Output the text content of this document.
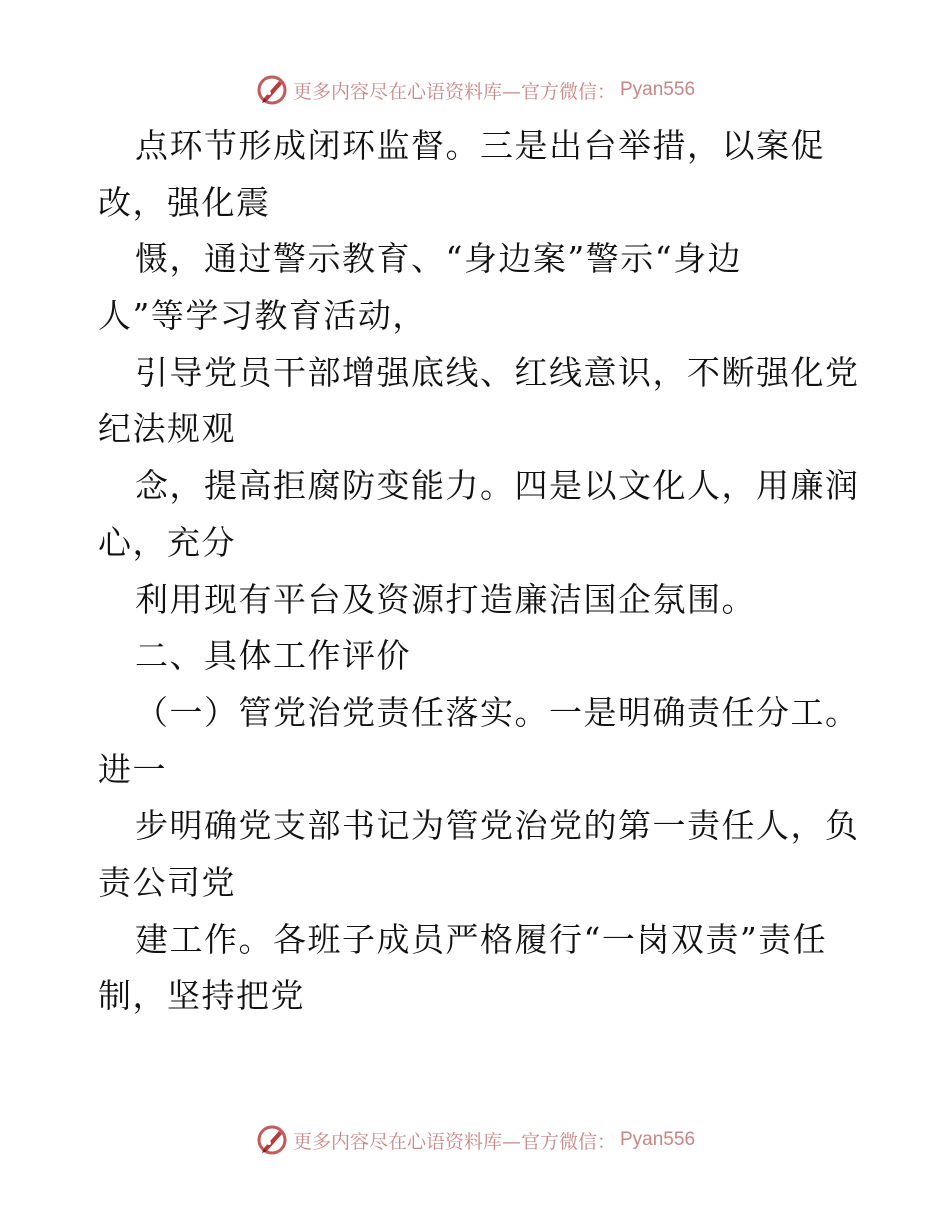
更多内容尽在心语资料库—官方微信： Pyan556
点环节形成闭环监督。三是出台举措，以案促
改，强化震
慑，通过警示教育、“身边案”警示“身边
人”等学习教育活动，
引导党员干部增强底线、红线意识，不断强化党
纪法规观
念，提高拒腐防变能力。四是以文化人，用廉润
心，充分
利用现有平台及资源打造廉洁国企氛围。
二、具体工作评价
（一）管党治党责任落实。一是明确责任分工。
进一
步明确党支部书记为管党治党的第一责任人，负
责公司党
建工作。各班子成员严格履行“一岗双责”责任
制，坚持把党
更多内容尽在心语资料库—官方微信： Pyan556
